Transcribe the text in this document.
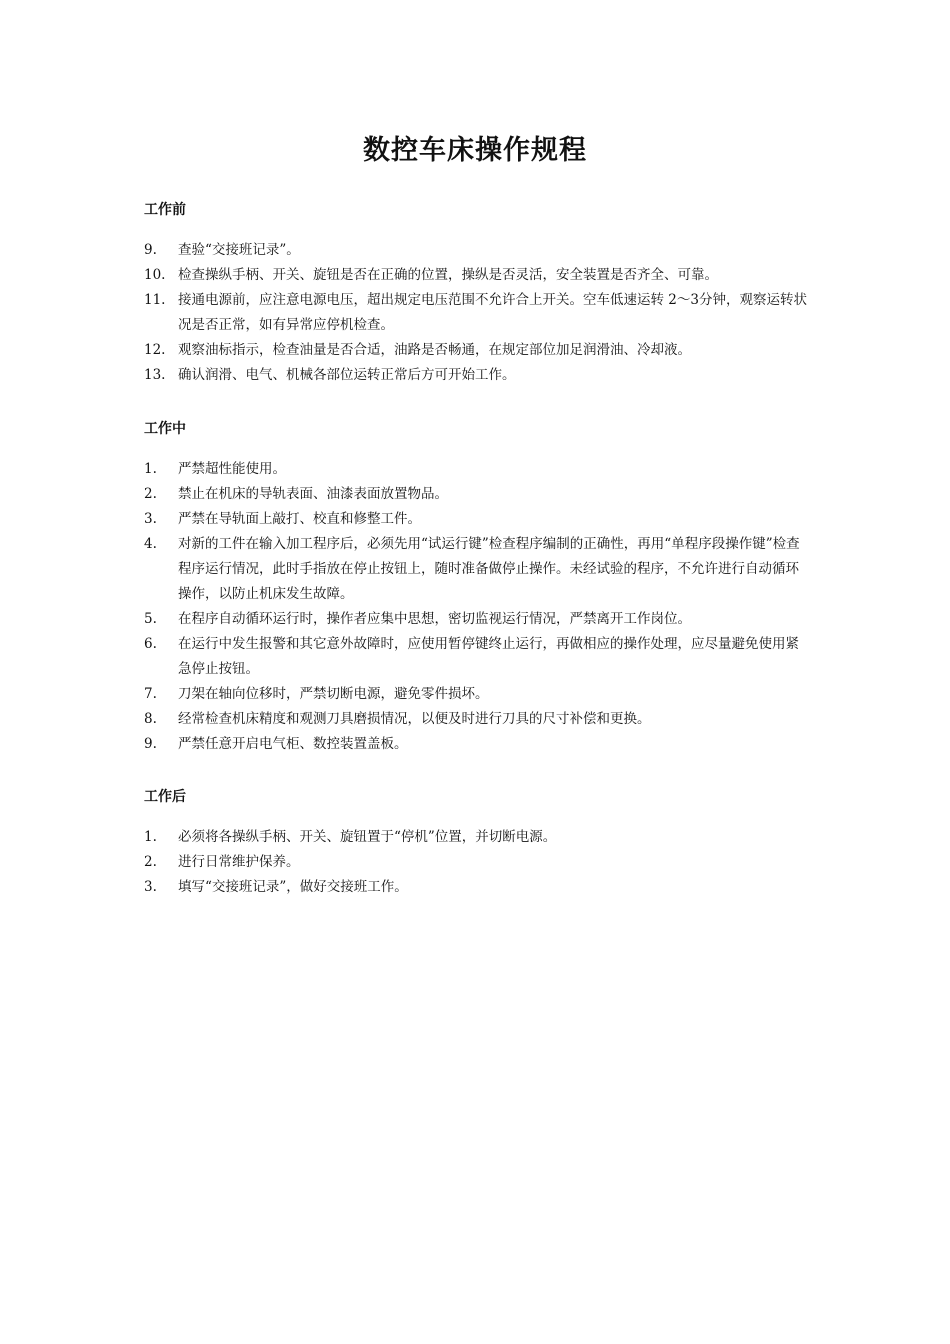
数控车床操作规程
工作前
9.	查验“交接班记录”。
10. 检查操纵手柄、开关、旋钮是否在正确的位置，操纵是否灵活，安全装置是否齐全、可靠。
11. 接通电源前，应注意电源电压，超出规定电压范围不允许合上开关。空车低速运转 2～3分钟，观察运转状况是否正常，如有异常应停机检查。
12. 观察油标指示，检查油量是否合适，油路是否畅通，在规定部位加足润滑油、冷却液。
13. 确认润滑、电气、机械各部位运转正常后方可开始工作。
工作中
1.	严禁超性能使用。
2.	禁止在机床的导轨表面、油漆表面放置物品。
3.	严禁在导轨面上敲打、校直和修整工件。
4.	对新的工件在输入加工程序后，必须先用“试运行键”检查程序编制的正确性，再用“单程序段操作键”检查程序运行情况，此时手指放在停止按钮上，随时准备做停止操作。未经试验的程序，不允许进行自动循环操作，以防止机床发生故障。
5.	在程序自动循环运行时，操作者应集中思想，密切监视运行情况，严禁离开工作岗位。
6.	在运行中发生报警和其它意外故障时，应使用暂停键终止运行，再做相应的操作处理，应尽量避免使用紧急停止按钮。
7.	刀架在轴向位移时，严禁切断电源，避免零件损坏。
8.	经常检查机床精度和观测刀具磨损情况，以便及时进行刀具的尺寸补偿和更换。
9.	严禁任意开启电气柜、数控装置盖板。
工作后
1.	必须将各操纵手柄、开关、旋钮置于“停机”位置，并切断电源。
2.	进行日常维护保养。
3.	填写“交接班记录”，做好交接班工作。
